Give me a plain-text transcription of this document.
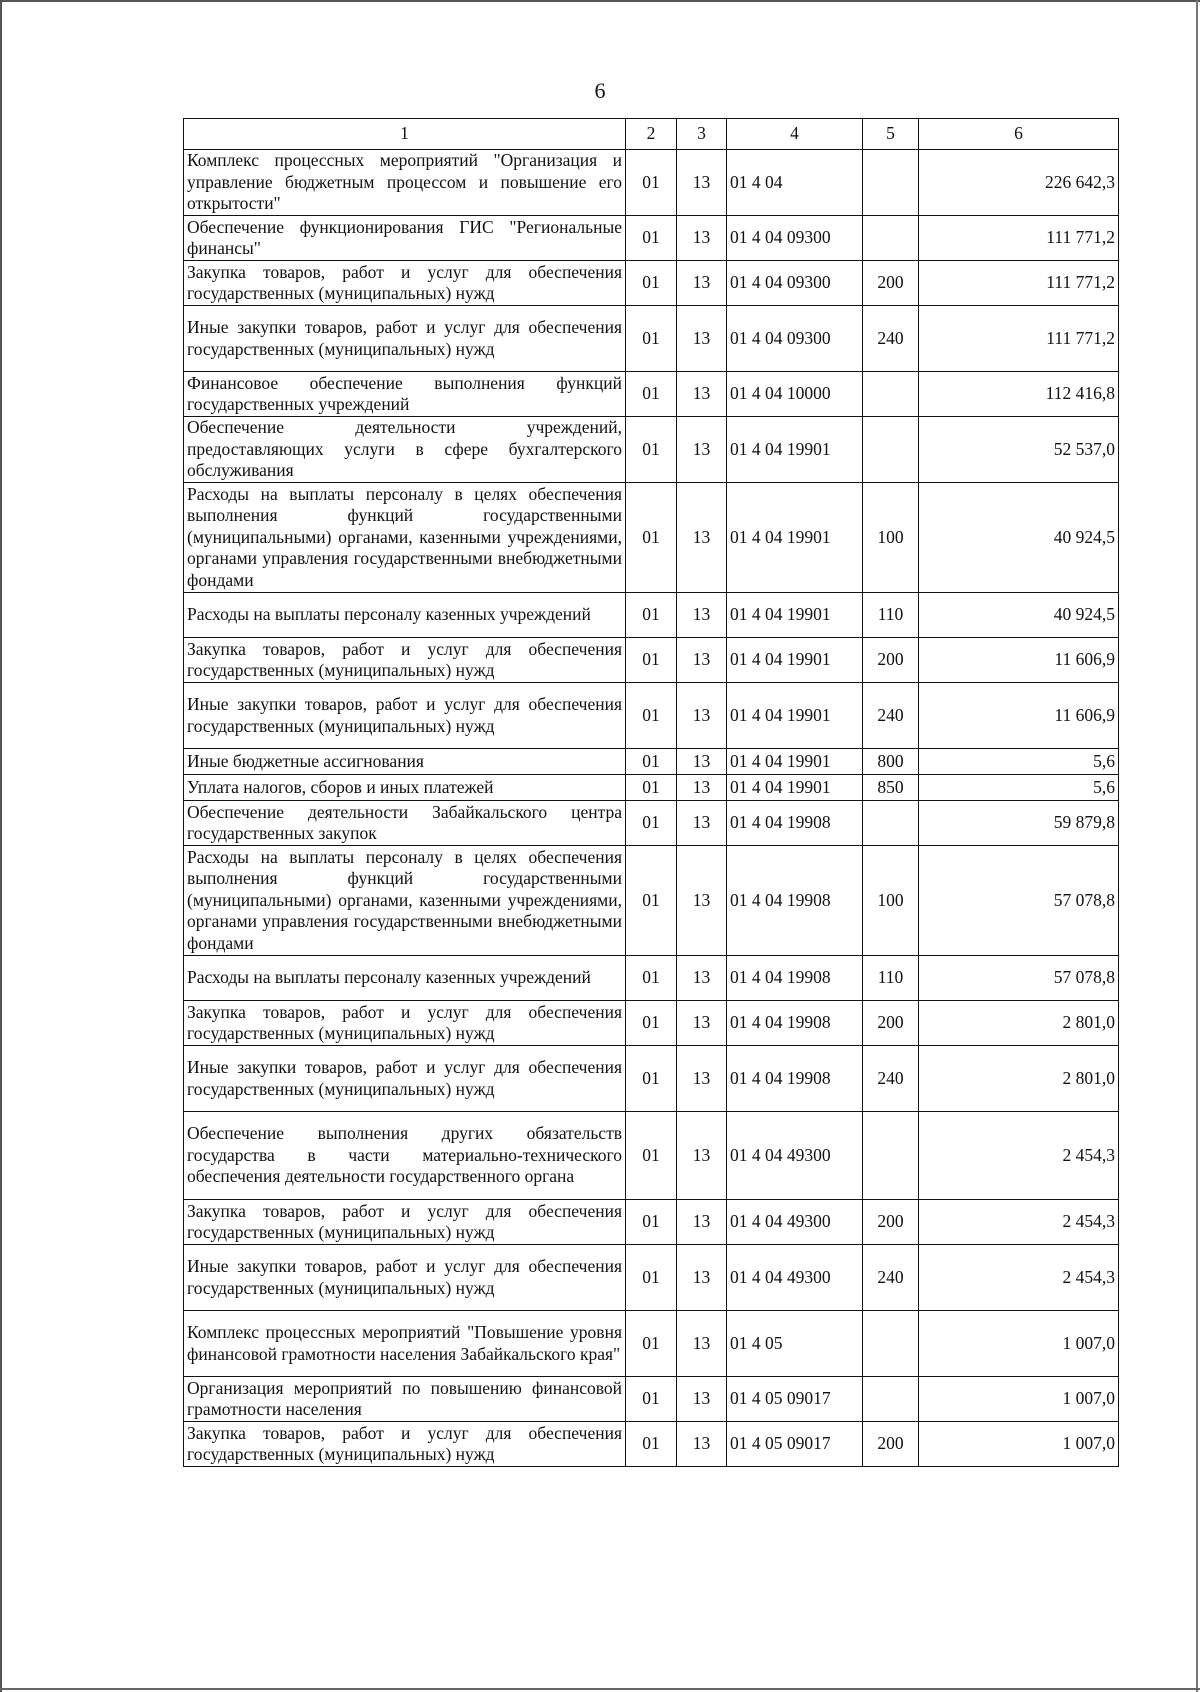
6
1	2	3	4	5	6
Комплекс процессных мероприятий "Организация и управление бюджетным процессом и повышение его открытости"	01	13	01 4 04		226 642,3
Обеспечение функционирования ГИС "Региональные финансы"	01	13	01 4 04 09300		111 771,2
Закупка товаров, работ и услуг для обеспечения государственных (муниципальных) нужд	01	13	01 4 04 09300	200	111 771,2
Иные закупки товаров, работ и услуг для обеспечения государственных (муниципальных) нужд	01	13	01 4 04 09300	240	111 771,2
Финансовое обеспечение выполнения функций государственных учреждений	01	13	01 4 04 10000		112 416,8
Обеспечение деятельности учреждений, предоставляющих услуги в сфере бухгалтерского обслуживания	01	13	01 4 04 19901		52 537,0
Расходы на выплаты персоналу в целях обеспечения выполнения функций государственными (муниципальными) органами, казенными учреждениями, органами управления государственными внебюджетными фондами	01	13	01 4 04 19901	100	40 924,5
Расходы на выплаты персоналу казенных учреждений	01	13	01 4 04 19901	110	40 924,5
Закупка товаров, работ и услуг для обеспечения государственных (муниципальных) нужд	01	13	01 4 04 19901	200	11 606,9
Иные закупки товаров, работ и услуг для обеспечения государственных (муниципальных) нужд	01	13	01 4 04 19901	240	11 606,9
Иные бюджетные ассигнования	01	13	01 4 04 19901	800	5,6
Уплата налогов, сборов и иных платежей	01	13	01 4 04 19901	850	5,6
Обеспечение деятельности Забайкальского центра государственных закупок	01	13	01 4 04 19908		59 879,8
Расходы на выплаты персоналу в целях обеспечения выполнения функций государственными (муниципальными) органами, казенными учреждениями, органами управления государственными внебюджетными фондами	01	13	01 4 04 19908	100	57 078,8
Расходы на выплаты персоналу казенных учреждений	01	13	01 4 04 19908	110	57 078,8
Закупка товаров, работ и услуг для обеспечения государственных (муниципальных) нужд	01	13	01 4 04 19908	200	2 801,0
Иные закупки товаров, работ и услуг для обеспечения государственных (муниципальных) нужд	01	13	01 4 04 19908	240	2 801,0
Обеспечение выполнения других обязательств государства в части материально-технического обеспечения деятельности государственного органа	01	13	01 4 04 49300		2 454,3
Закупка товаров, работ и услуг для обеспечения государственных (муниципальных) нужд	01	13	01 4 04 49300	200	2 454,3
Иные закупки товаров, работ и услуг для обеспечения государственных (муниципальных) нужд	01	13	01 4 04 49300	240	2 454,3
Комплекс процессных мероприятий "Повышение уровня финансовой грамотности населения Забайкальского края"	01	13	01 4 05		1 007,0
Организация мероприятий по повышению финансовой грамотности населения	01	13	01 4 05 09017		1 007,0
Закупка товаров, работ и услуг для обеспечения государственных (муниципальных) нужд	01	13	01 4 05 09017	200	1 007,0
